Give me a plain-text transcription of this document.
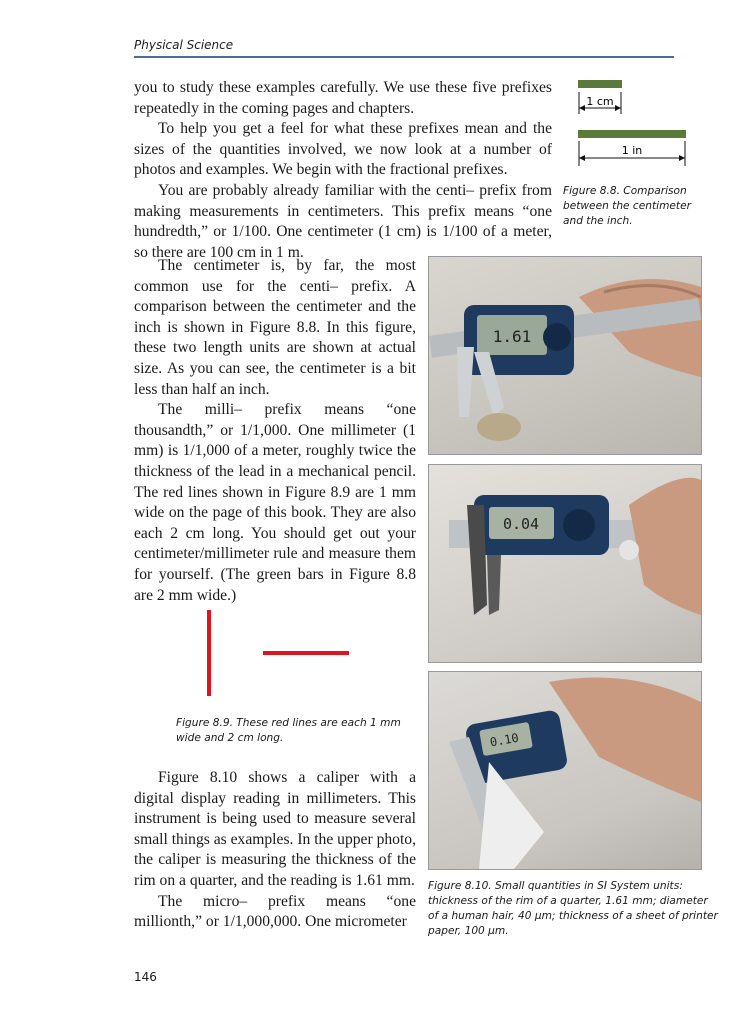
Physical Science

you to study these examples carefully. We use these five prefixes repeatedly in the coming pages and chapters.

To help you get a feel for what these prefixes mean and the sizes of the quantities involved, we now look at a number of photos and examples. We begin with the fractional prefixes.

You are probably already familiar with the centi– prefix from making measurements in centimeters. This prefix means “one hundredth,” or 1/100. One centimeter (1 cm) is 1/100 of a meter, so there are 100 cm in 1 m.

1 cm
1 in
Figure 8.8. Comparison between the centimeter and the inch.

The centimeter is, by far, the most common use for the centi– prefix. A comparison between the centimeter and the inch is shown in Figure 8.8. In this figure, these two length units are shown at actual size. As you can see, the centimeter is a bit less than half an inch.

The milli– prefix means “one thousandth,” or 1/1,000. One millimeter (1 mm) is 1/1,000 of a meter, roughly twice the thickness of the lead in a mechanical pencil. The red lines shown in Figure 8.9 are 1 mm wide on the page of this book. They are also each 2 cm long. You should get out your centimeter/millimeter rule and measure them for yourself. (The green bars in Figure 8.8 are 2 mm wide.)

Figure 8.9. These red lines are each 1 mm wide and 2 cm long.

Figure 8.10 shows a caliper with a digital display reading in millimeters. This instrument is being used to measure several small things as examples. In the upper photo, the caliper is measuring the thickness of the rim on a quarter, and the reading is 1.61 mm.

The micro– prefix means “one millionth,” or 1/1,000,000. One micrometer

1.61
0.04
0.10
Figure 8.10. Small quantities in SI System units: thickness of the rim of a quarter, 1.61 mm; diameter of a human hair, 40 μm; thickness of a sheet of printer paper, 100 μm.
146
